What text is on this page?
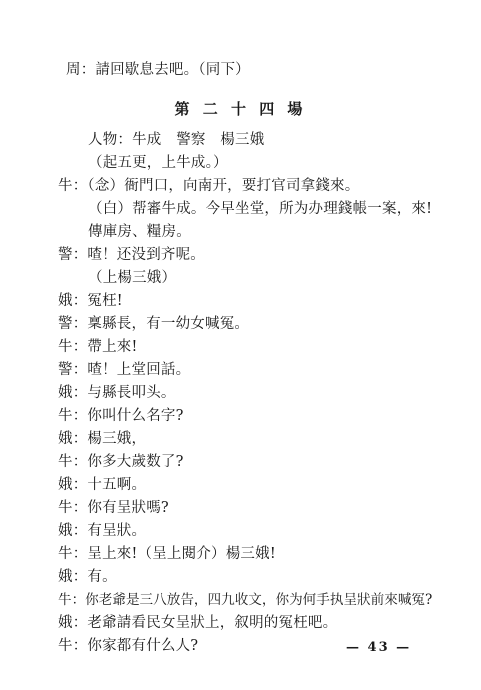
周：請回歇息去吧。（同下）
第 二 十 四 場
人物：牛成　警察　楊三娥
（起五更，上牛成。）
牛：（念）衙門口，向南开，要打官司拿錢來。
（白）帮審牛成。今早坐堂，所为办理錢帳一案，來!
傳庫房、糧房。
警：喳！还没到齐呢。
（上楊三娥）
娥：冤枉!
警：稟縣長，有一幼女喊冤。
牛：帶上來!
警：喳！上堂回話。
娥：与縣長叩头。
牛：你叫什么名字?
娥：楊三娥，
牛：你多大歲数了?
娥：十五啊。
牛：你有呈狀嗎?
娥：有呈狀。
牛：呈上來!（呈上閱介）楊三娥!
娥：有。
牛：你老爺是三八放告，四九收文，你为何手执呈狀前來喊冤?
娥：老爺請看民女呈狀上，叙明的冤枉吧。
牛：你家都有什么人?	— 43 —
